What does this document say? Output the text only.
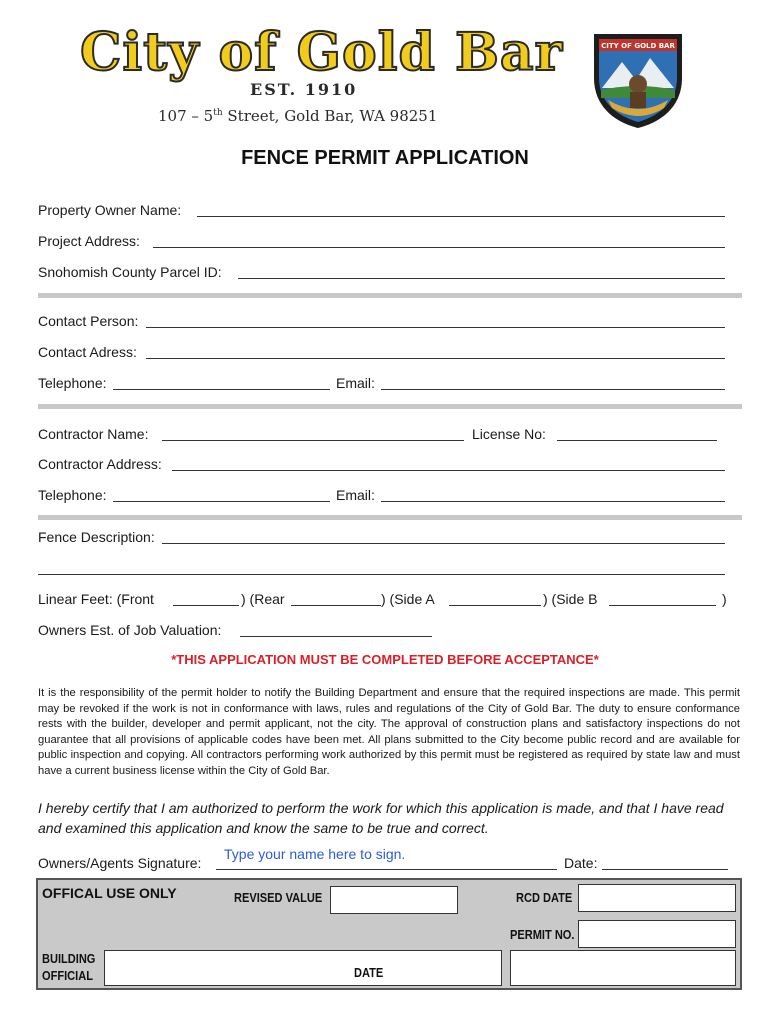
City of Gold Bar
EST. 1910
107 – 5th Street, Gold Bar, WA 98251
CITY OF GOLD BAR
FENCE PERMIT APPLICATION
Property Owner Name:
Project Address:
Snohomish County Parcel ID:
Contact Person:
Contact Adress:
Telephone:	Email:
Contractor Name:	License No:
Contractor Address:
Telephone:	Email:
Fence Description:
Linear Feet: (Front	) (Rear	) (Side A	) (Side B	)
Owners Est. of Job Valuation:
*THIS APPLICATION MUST BE COMPLETED BEFORE ACCEPTANCE*
It is the responsibility of the permit holder to notify the Building Department and ensure that the required inspections are made. This permit may be revoked if the work is not in conformance with laws, rules and regulations of the City of Gold Bar. The duty to ensure conformance rests with the builder, developer and permit applicant, not the city. The approval of construction plans and satisfactory inspections do not guarantee that all provisions of applicable codes have been met. All plans submitted to the City become public record and are available for public inspection and copying. All contractors performing work authorized by this permit must be registered as required by state law and must have a current business license within the City of Gold Bar.
I hereby certify that I am authorized to perform the work for which this application is made, and that I have read and examined this application and know the same to be true and correct.
Owners/Agents Signature:
Type your name here to sign.
Date:
OFFICAL USE ONLY	REVISED VALUE	RCD DATE
PERMIT NO.
BUILDING
OFFICIAL	DATE
